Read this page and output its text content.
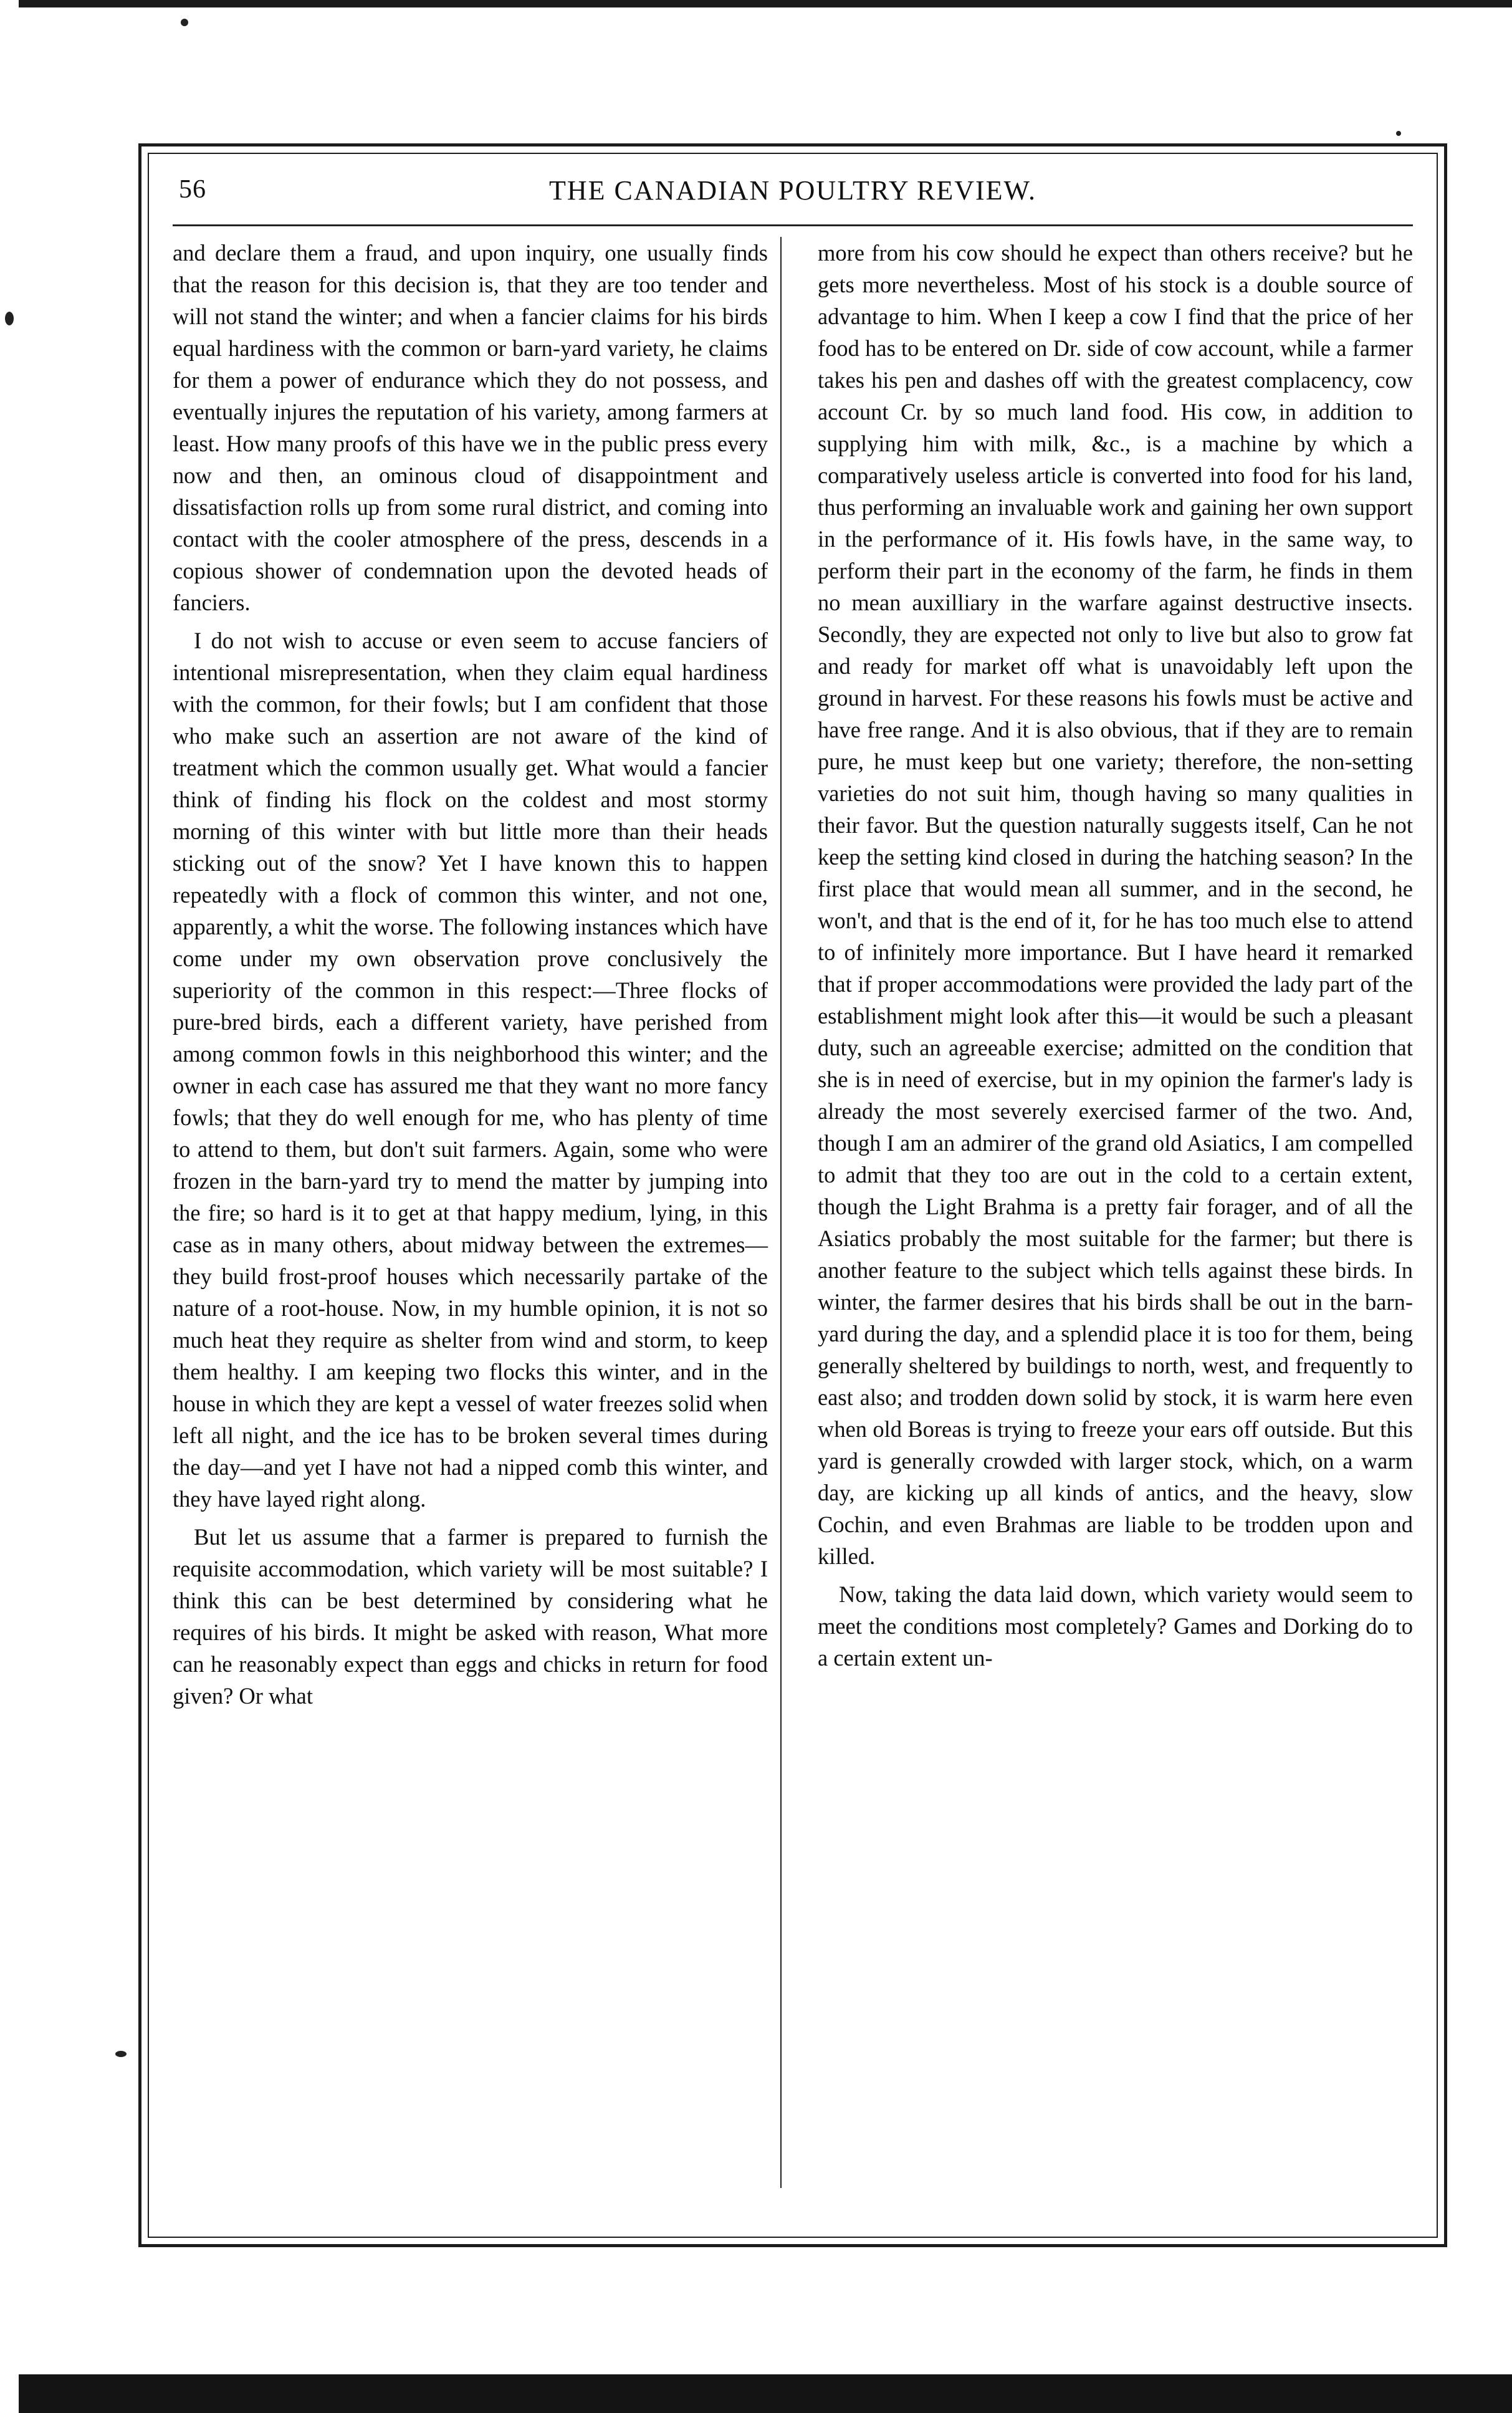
THE CANADIAN POULTRY REVIEW.
56

and declare them a fraud, and upon inquiry, one usually finds that the reason for this decision is, that they are too tender and will not stand the winter; and when a fancier claims for his birds equal hardiness with the common or barn-yard variety, he claims for them a power of endurance which they do not possess, and eventually injures the reputation of his variety, among farmers at least. How many proofs of this have we in the public press every now and then, an ominous cloud of disappointment and dissatisfaction rolls up from some rural district, and coming into contact with the cooler atmosphere of the press, descends in a copious shower of condemnation upon the devoted heads of fanciers.

I do not wish to accuse or even seem to accuse fanciers of intentional misrepresentation, when they claim equal hardiness with the common, for their fowls; but I am confident that those who make such an assertion are not aware of the kind of treatment which the common usually get. What would a fancier think of finding his flock on the coldest and most stormy morning of this winter with but little more than their heads sticking out of the snow? Yet I have known this to happen repeatedly with a flock of common this winter, and not one, apparently, a whit the worse. The following instances which have come under my own observation prove conclusively the superiority of the common in this respect:—Three flocks of pure-bred birds, each a different variety, have perished from among common fowls in this neighborhood this winter; and the owner in each case has assured me that they want no more fancy fowls; that they do well enough for me, who has plenty of time to attend to them, but don't suit farmers. Again, some who were frozen in the barn-yard try to mend the matter by jumping into the fire; so hard is it to get at that happy medium, lying, in this case as in many others, about midway between the extremes—they build frost-proof houses which necessarily partake of the nature of a root-house. Now, in my humble opinion, it is not so much heat they require as shelter from wind and storm, to keep them healthy. I am keeping two flocks this winter, and in the house in which they are kept a vessel of water freezes solid when left all night, and the ice has to be broken several times during the day—and yet I have not had a nipped comb this winter, and they have layed right along.

But let us assume that a farmer is prepared to furnish the requisite accommodation, which variety will be most suitable? I think this can be best determined by considering what he requires of his birds. It might be asked with reason, What more can he reasonably expect than eggs and chicks in return for food given? Or what

more from his cow should he expect than others receive? but he gets more nevertheless. Most of his stock is a double source of advantage to him. When I keep a cow I find that the price of her food has to be entered on Dr. side of cow account, while a farmer takes his pen and dashes off with the greatest complacency, cow account Cr. by so much land food. His cow, in addition to supplying him with milk, &c., is a machine by which a comparatively useless article is converted into food for his land, thus performing an invaluable work and gaining her own support in the performance of it. His fowls have, in the same way, to perform their part in the economy of the farm, he finds in them no mean auxilliary in the warfare against destructive insects. Secondly, they are expected not only to live but also to grow fat and ready for market off what is unavoidably left upon the ground in harvest. For these reasons his fowls must be active and have free range. And it is also obvious, that if they are to remain pure, he must keep but one variety; therefore, the non-setting varieties do not suit him, though having so many qualities in their favor. But the question naturally suggests itself, Can he not keep the setting kind closed in during the hatching season? In the first place that would mean all summer, and in the second, he won't, and that is the end of it, for he has too much else to attend to of infinitely more importance. But I have heard it remarked that if proper accommodations were provided the lady part of the establishment might look after this—it would be such a pleasant duty, such an agreeable exercise; admitted on the condition that she is in need of exercise, but in my opinion the farmer's lady is already the most severely exercised farmer of the two. And, though I am an admirer of the grand old Asiatics, I am compelled to admit that they too are out in the cold to a certain extent, though the Light Brahma is a pretty fair forager, and of all the Asiatics probably the most suitable for the farmer; but there is another feature to the subject which tells against these birds. In winter, the farmer desires that his birds shall be out in the barn-yard during the day, and a splendid place it is too for them, being generally sheltered by buildings to north, west, and frequently to east also; and trodden down solid by stock, it is warm here even when old Boreas is trying to freeze your ears off outside. But this yard is generally crowded with larger stock, which, on a warm day, are kicking up all kinds of antics, and the heavy, slow Cochin, and even Brahmas are liable to be trodden upon and killed.

Now, taking the data laid down, which variety would seem to meet the conditions most completely? Games and Dorking do to a certain extent un-
